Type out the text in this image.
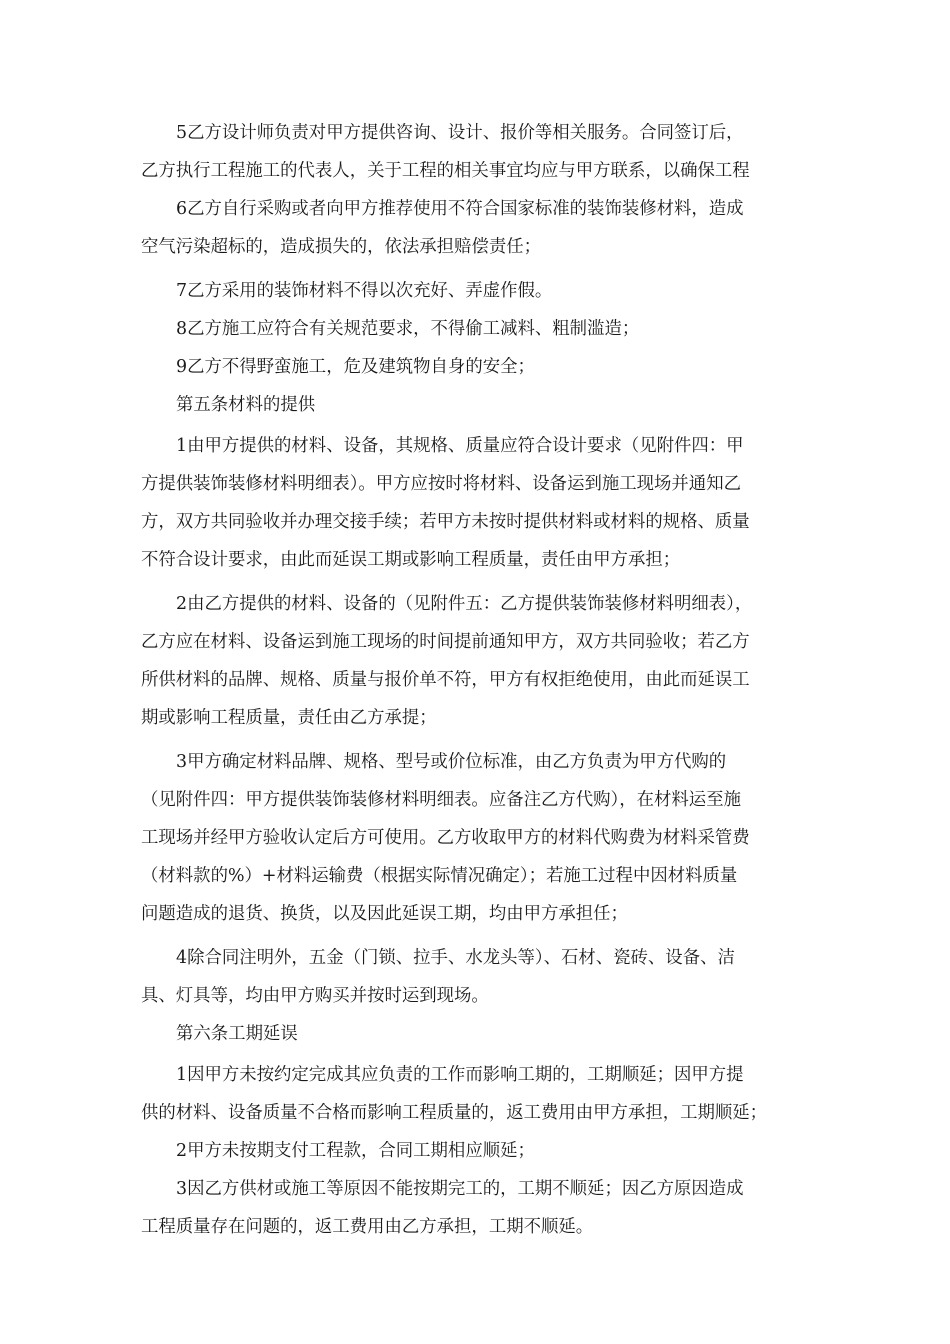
5乙方设计师负责对甲方提供咨询、设计、报价等相关服务。合同签订后，
乙方执行工程施工的代表人，关于工程的相关事宜均应与甲方联系，以确保工程
6乙方自行采购或者向甲方推荐使用不符合国家标准的装饰装修材料，造成
空气污染超标的，造成损失的，依法承担赔偿责任；
7乙方采用的装饰材料不得以次充好、弄虚作假。
8乙方施工应符合有关规范要求，不得偷工减料、粗制滥造；
9乙方不得野蛮施工，危及建筑物自身的安全；
第五条材料的提供
1由甲方提供的材料、设备，其规格、质量应符合设计要求（见附件四：甲
方提供装饰装修材料明细表）。甲方应按时将材料、设备运到施工现场并通知乙
方，双方共同验收并办理交接手续；若甲方未按时提供材料或材料的规格、质量
不符合设计要求，由此而延误工期或影响工程质量，责任由甲方承担；
2由乙方提供的材料、设备的（见附件五：乙方提供装饰装修材料明细表），
乙方应在材料、设备运到施工现场的时间提前通知甲方，双方共同验收；若乙方
所供材料的品牌、规格、质量与报价单不符，甲方有权拒绝使用，由此而延误工
期或影响工程质量，责任由乙方承提；
3甲方确定材料品牌、规格、型号或价位标准，由乙方负责为甲方代购的
（见附件四：甲方提供装饰装修材料明细表。应备注乙方代购），在材料运至施
工现场并经甲方验收认定后方可使用。乙方收取甲方的材料代购费为材料采管费
（材料款的%）+材料运输费（根据实际情况确定）；若施工过程中因材料质量
问题造成的退货、换货，以及因此延误工期，均由甲方承担任；
4除合同注明外，五金（门锁、拉手、水龙头等）、石材、瓷砖、设备、洁
具、灯具等，均由甲方购买并按时运到现场。
第六条工期延误
1因甲方未按约定完成其应负责的工作而影响工期的，工期顺延；因甲方提
供的材料、设备质量不合格而影响工程质量的，返工费用由甲方承担，工期顺延；
2甲方未按期支付工程款，合同工期相应顺延；
3因乙方供材或施工等原因不能按期完工的，工期不顺延；因乙方原因造成
工程质量存在问题的，返工费用由乙方承担，工期不顺延。
